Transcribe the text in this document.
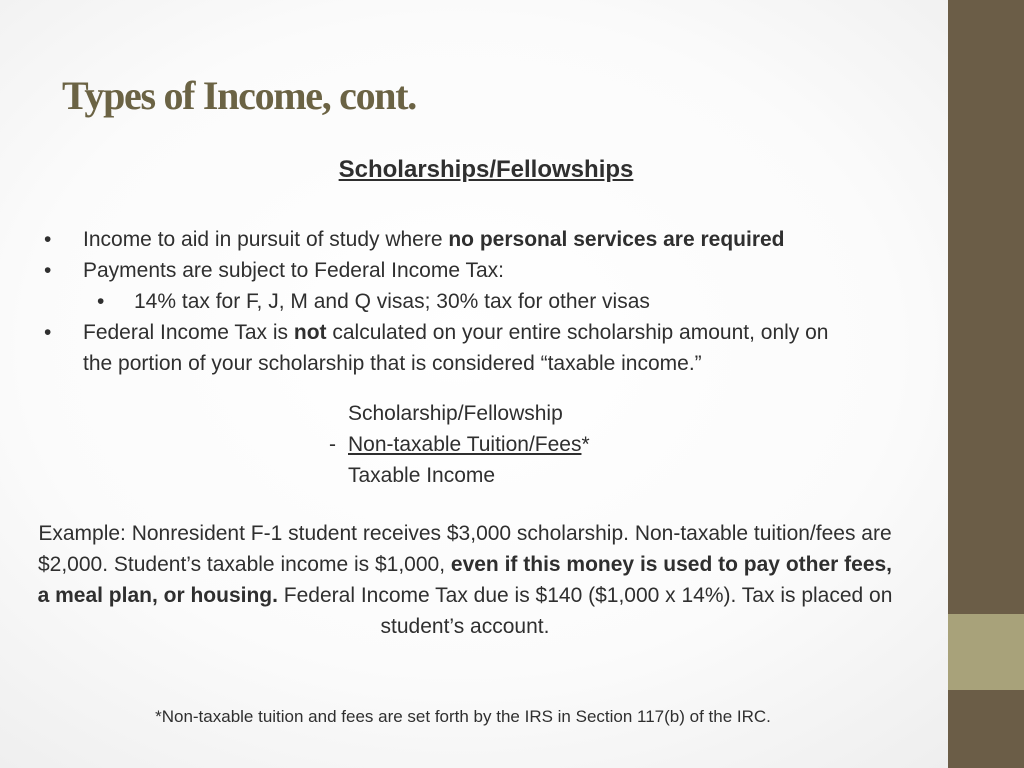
Types of Income, cont.
Scholarships/Fellowships
• Income to aid in pursuit of study where no personal services are required
• Payments are subject to Federal Income Tax:
• 14% tax for F, J, M and Q visas; 30% tax for other visas
• Federal Income Tax is not calculated on your entire scholarship amount, only on
the portion of your scholarship that is considered “taxable income.”
Scholarship/Fellowship
- Non-taxable Tuition/Fees*
Taxable Income
Example: Nonresident F-1 student receives $3,000 scholarship. Non-taxable tuition/fees are $2,000. Student’s taxable income is $1,000, even if this money is used to pay other fees, a meal plan, or housing. Federal Income Tax due is $140 ($1,000 x 14%). Tax is placed on student’s account.
*Non-taxable tuition and fees are set forth by the IRS in Section 117(b) of the IRC.
